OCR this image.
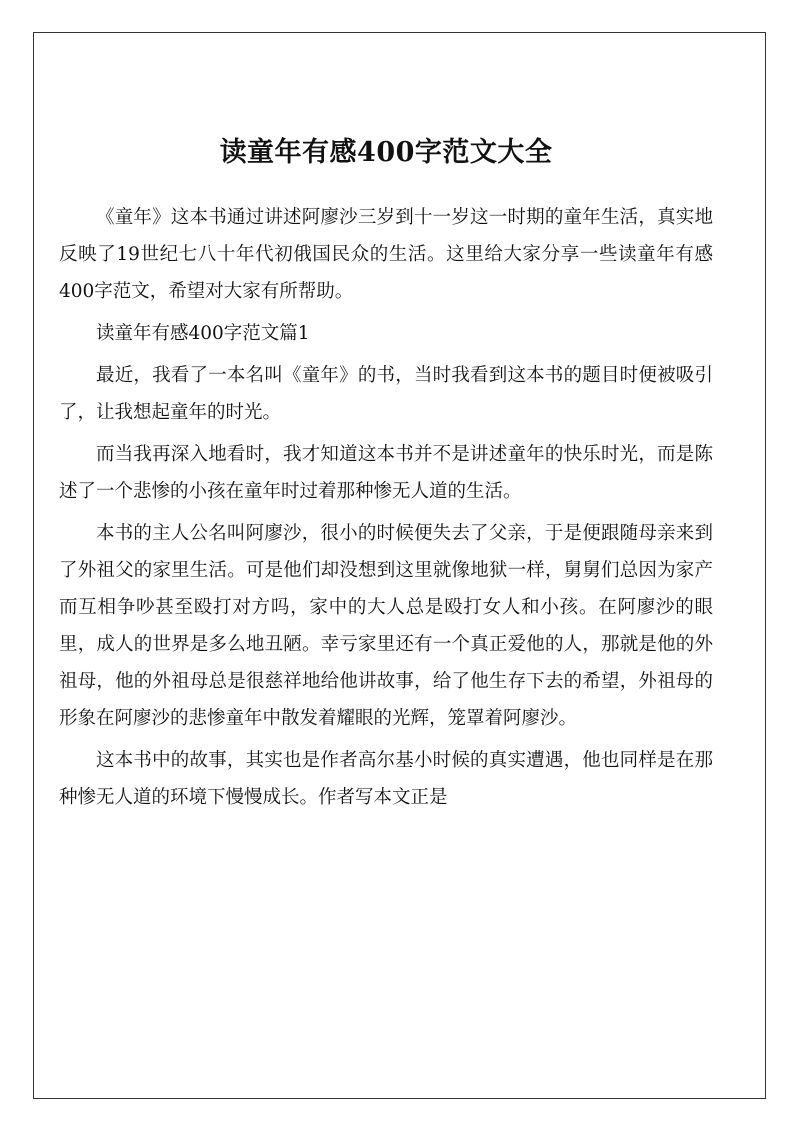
读童年有感400字范文大全

《童年》这本书通过讲述阿廖沙三岁到十一岁这一时期的童年生活，真实地反映了19世纪七八十年代初俄国民众的生活。这里给大家分享一些读童年有感400字范文，希望对大家有所帮助。

读童年有感400字范文篇1

最近，我看了一本名叫《童年》的书，当时我看到这本书的题目时便被吸引了，让我想起童年的时光。

而当我再深入地看时，我才知道这本书并不是讲述童年的快乐时光，而是陈述了一个悲惨的小孩在童年时过着那种惨无人道的生活。

本书的主人公名叫阿廖沙，很小的时候便失去了父亲，于是便跟随母亲来到了外祖父的家里生活。可是他们却没想到这里就像地狱一样，舅舅们总因为家产而互相争吵甚至殴打对方吗，家中的大人总是殴打女人和小孩。在阿廖沙的眼里，成人的世界是多么地丑陋。幸亏家里还有一个真正爱他的人，那就是他的外祖母，他的外祖母总是很慈祥地给他讲故事，给了他生存下去的希望，外祖母的形象在阿廖沙的悲惨童年中散发着耀眼的光辉，笼罩着阿廖沙。

这本书中的故事，其实也是作者高尔基小时候的真实遭遇，他也同样是在那种惨无人道的环境下慢慢成长。作者写本文正是
